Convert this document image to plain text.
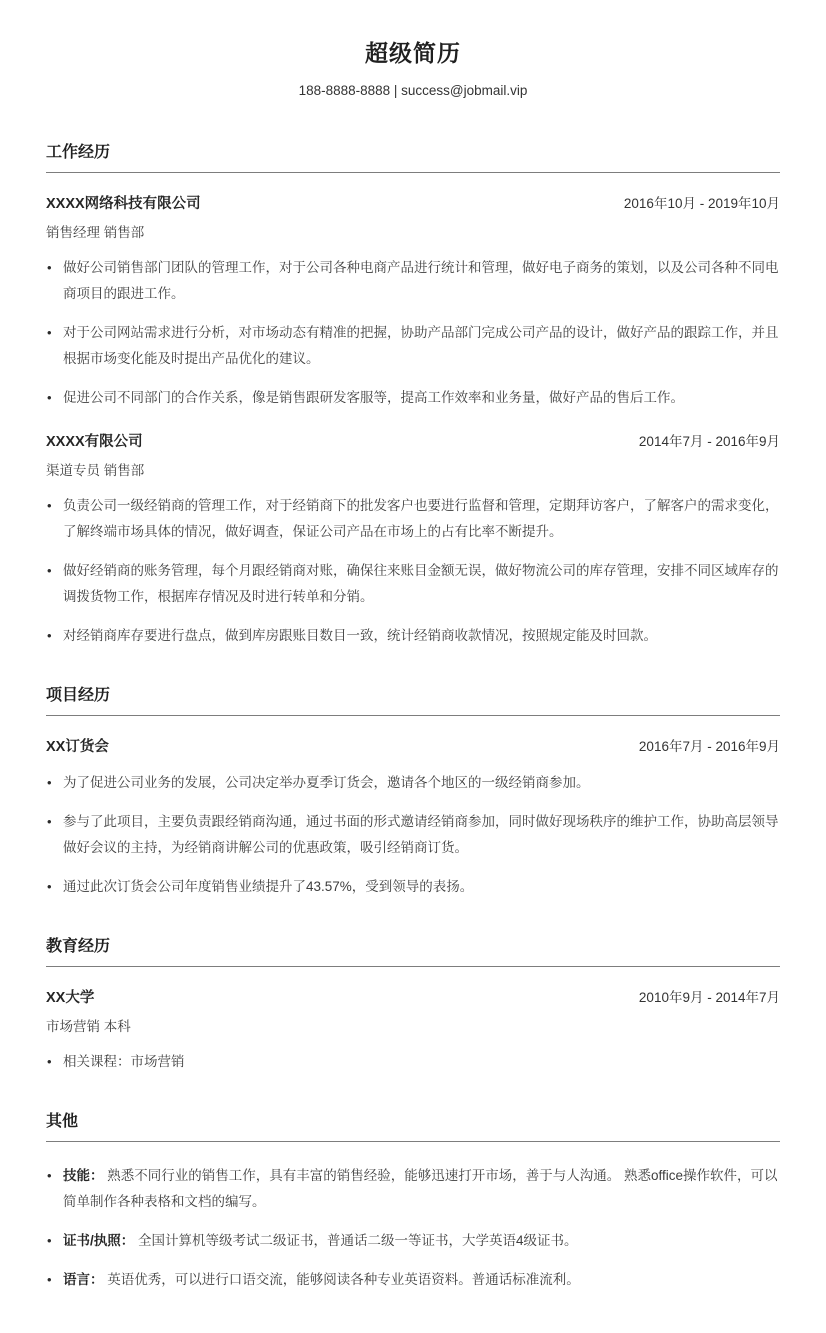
超级简历
188-8888-8888 | success@jobmail.vip
工作经历
XXXX网络科技有限公司	2016年10月 - 2019年10月
销售经理 销售部
• 做好公司销售部门团队的管理工作，对于公司各种电商产品进行统计和管理，做好电子商务的策划，以及公司各种不同电商项目的跟进工作。
• 对于公司网站需求进行分析，对市场动态有精准的把握，协助产品部门完成公司产品的设计，做好产品的跟踪工作，并且根据市场变化能及时提出产品优化的建议。
• 促进公司不同部门的合作关系，像是销售跟研发客服等，提高工作效率和业务量，做好产品的售后工作。
XXXX有限公司	2014年7月 - 2016年9月
渠道专员 销售部
• 负责公司一级经销商的管理工作，对于经销商下的批发客户也要进行监督和管理，定期拜访客户，了解客户的需求变化，了解终端市场具体的情况，做好调查，保证公司产品在市场上的占有比率不断提升。
• 做好经销商的账务管理，每个月跟经销商对账，确保往来账目金额无误，做好物流公司的库存管理，安排不同区域库存的调拨货物工作，根据库存情况及时进行转单和分销。
• 对经销商库存要进行盘点，做到库房跟账目数目一致，统计经销商收款情况，按照规定能及时回款。
项目经历
XX订货会	2016年7月 - 2016年9月
• 为了促进公司业务的发展，公司决定举办夏季订货会，邀请各个地区的一级经销商参加。
• 参与了此项目，主要负责跟经销商沟通，通过书面的形式邀请经销商参加，同时做好现场秩序的维护工作，协助高层领导做好会议的主持，为经销商讲解公司的优惠政策，吸引经销商订货。
• 通过此次订货会公司年度销售业绩提升了43.57%，受到领导的表扬。
教育经历
XX大学	2010年9月 - 2014年7月
市场营销 本科
• 相关课程：市场营销
其他
• 技能： 熟悉不同行业的销售工作，具有丰富的销售经验，能够迅速打开市场，善于与人沟通。 熟悉office操作软件，可以简单制作各种表格和文档的编写。
• 证书/执照： 全国计算机等级考试二级证书，普通话二级一等证书，大学英语4级证书。
• 语言： 英语优秀，可以进行口语交流，能够阅读各种专业英语资料。普通话标准流利。
